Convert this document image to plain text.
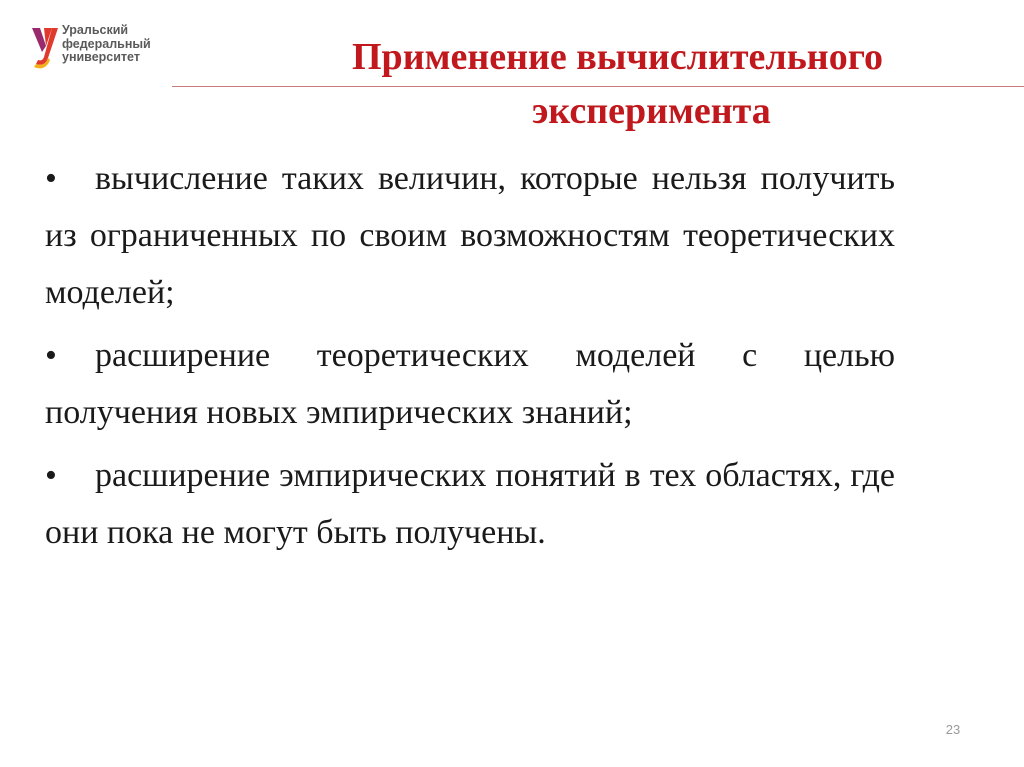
Уральский
федеральный
университет	Применение вычислительного
эксперимента

• вычисление таких величин, которые нельзя получить из ограниченных по своим возможностям теоретических моделей;

• расширение теоретических моделей с целью получения новых эмпирических знаний;

• расширение эмпирических понятий в тех областях, где они пока не могут быть получены.

23
